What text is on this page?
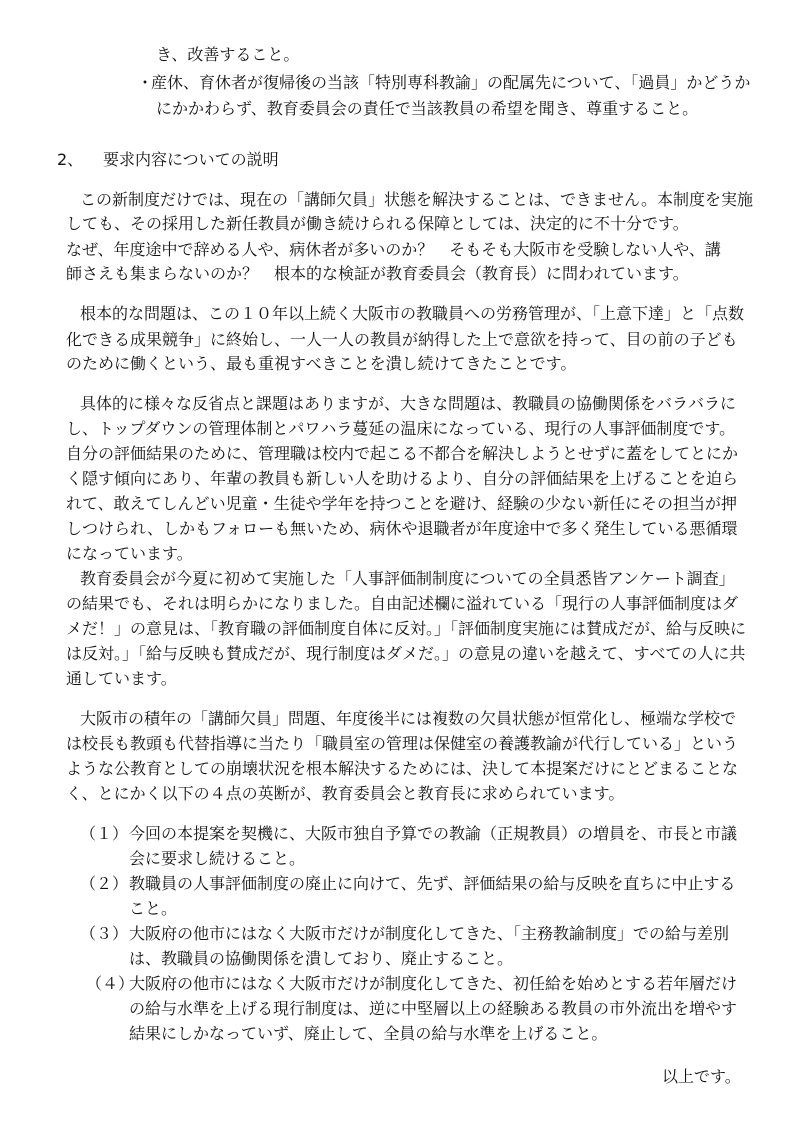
き、改善すること。
・産休、育休者が復帰後の当該「特別専科教諭」の配属先について、「過員」かどうか
にかかわらず、教育委員会の責任で当該教員の希望を聞き、尊重すること。
2、 要求内容についての説明
この新制度だけでは、現在の「講師欠員」状態を解決することは、できません。本制度を実施
しても、その採用した新任教員が働き続けられる保障としては、決定的に不十分です。
なぜ、年度途中で辞める人や、病休者が多いのか？　そもそも大阪市を受験しない人や、講
師さえも集まらないのか？　根本的な検証が教育委員会（教育長）に問われています。
根本的な問題は、この１０年以上続く大阪市の教職員への労務管理が、「上意下達」と「点数
化できる成果競争」に終始し、一人一人の教員が納得した上で意欲を持って、目の前の子ども
のために働くという、最も重視すべきことを潰し続けてきたことです。
具体的に様々な反省点と課題はありますが、大きな問題は、教職員の協働関係をバラバラに
し、トップダウンの管理体制とパワハラ蔓延の温床になっている、現行の人事評価制度です。
自分の評価結果のために、管理職は校内で起こる不都合を解決しようとせずに蓋をしてとにか
く隠す傾向にあり、年輩の教員も新しい人を助けるより、自分の評価結果を上げることを迫ら
れて、敢えてしんどい児童・生徒や学年を持つことを避け、経験の少ない新任にその担当が押
しつけられ、しかもフォローも無いため、病休や退職者が年度途中で多く発生している悪循環
になっています。
教育委員会が今夏に初めて実施した「人事評価制制度についての全員悉皆アンケート調査」
の結果でも、それは明らかになりました。自由記述欄に溢れている「現行の人事評価制度はダ
メだ！」の意見は、「教育職の評価制度自体に反対。」「評価制度実施には賛成だが、給与反映に
は反対。」「給与反映も賛成だが、現行制度はダメだ。」の意見の違いを越えて、すべての人に共
通しています。
大阪市の積年の「講師欠員」問題、年度後半には複数の欠員状態が恒常化し、極端な学校で
は校長も教頭も代替指導に当たり「職員室の管理は保健室の養護教諭が代行している」という
ような公教育としての崩壊状況を根本解決するためには、決して本提案だけにとどまることな
く、とにかく以下の４点の英断が、教育委員会と教育長に求められています。
（１） 今回の本提案を契機に、大阪市独自予算での教諭（正規教員）の増員を、市長と市議
会に要求し続けること。
（２） 教職員の人事評価制度の廃止に向けて、先ず、評価結果の給与反映を直ちに中止する
こと。
（３） 大阪府の他市にはなく大阪市だけが制度化してきた、「主務教諭制度」での給与差別
は、教職員の協働関係を潰しており、廃止すること。
（４）
大阪府の他市にはなく大阪市だけが制度化してきた、初任給を始めとする若年層だけ
の給与水準を上げる現行制度は、逆に中堅層以上の経験ある教員の市外流出を増やす
結果にしかなっていず、廃止して、全員の給与水準を上げること。
以上です。
